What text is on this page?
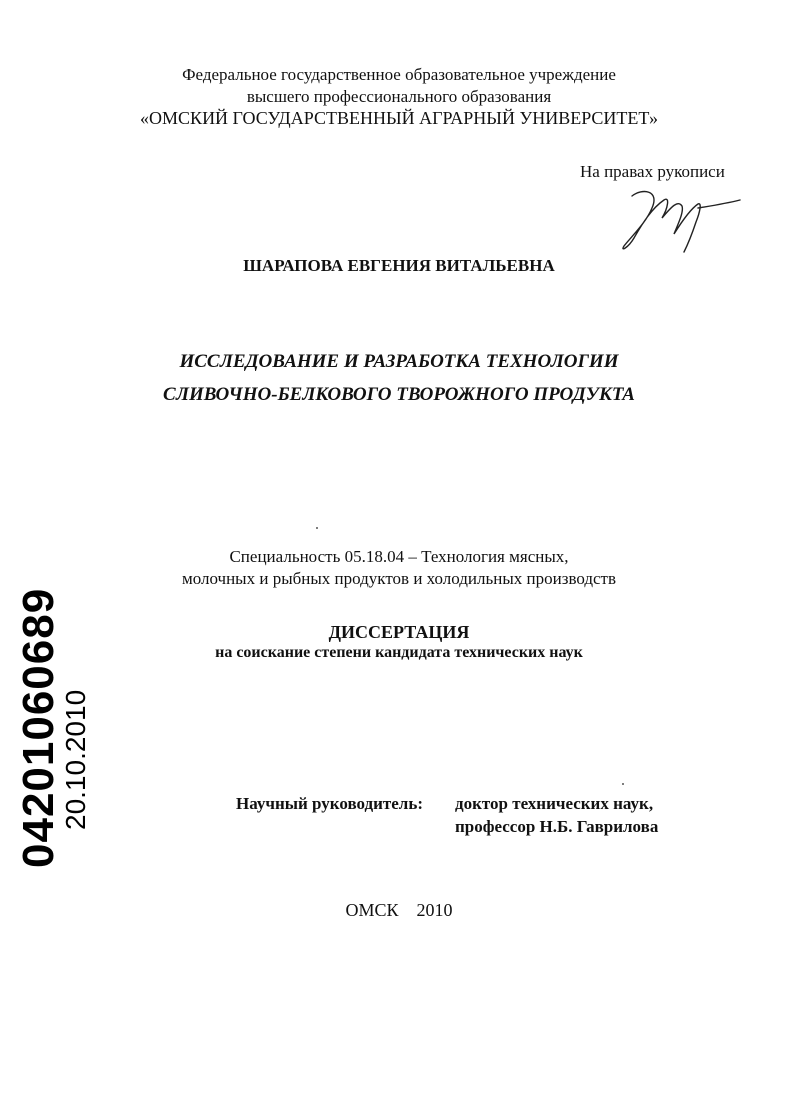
Федеральное государственное образовательное учреждение
высшего профессионального образования
«ОМСКИЙ ГОСУДАРСТВЕННЫЙ АГРАРНЫЙ УНИВЕРСИТЕТ»
На правах рукописи
ШАРАПОВА ЕВГЕНИЯ ВИТАЛЬЕВНА
ИССЛЕДОВАНИЕ И РАЗРАБОТКА ТЕХНОЛОГИИ
СЛИВОЧНО-БЕЛКОВОГО ТВОРОЖНОГО ПРОДУКТА
Специальность 05.18.04 – Технология мясных,
молочных и рыбных продуктов и холодильных производств
ДИССЕРТАЦИЯ
на соискание степени кандидата технических наук
Научный руководитель: доктор технических наук,
профессор Н.Б. Гаврилова
ОМСК    2010
04201060689
20.10.2010
